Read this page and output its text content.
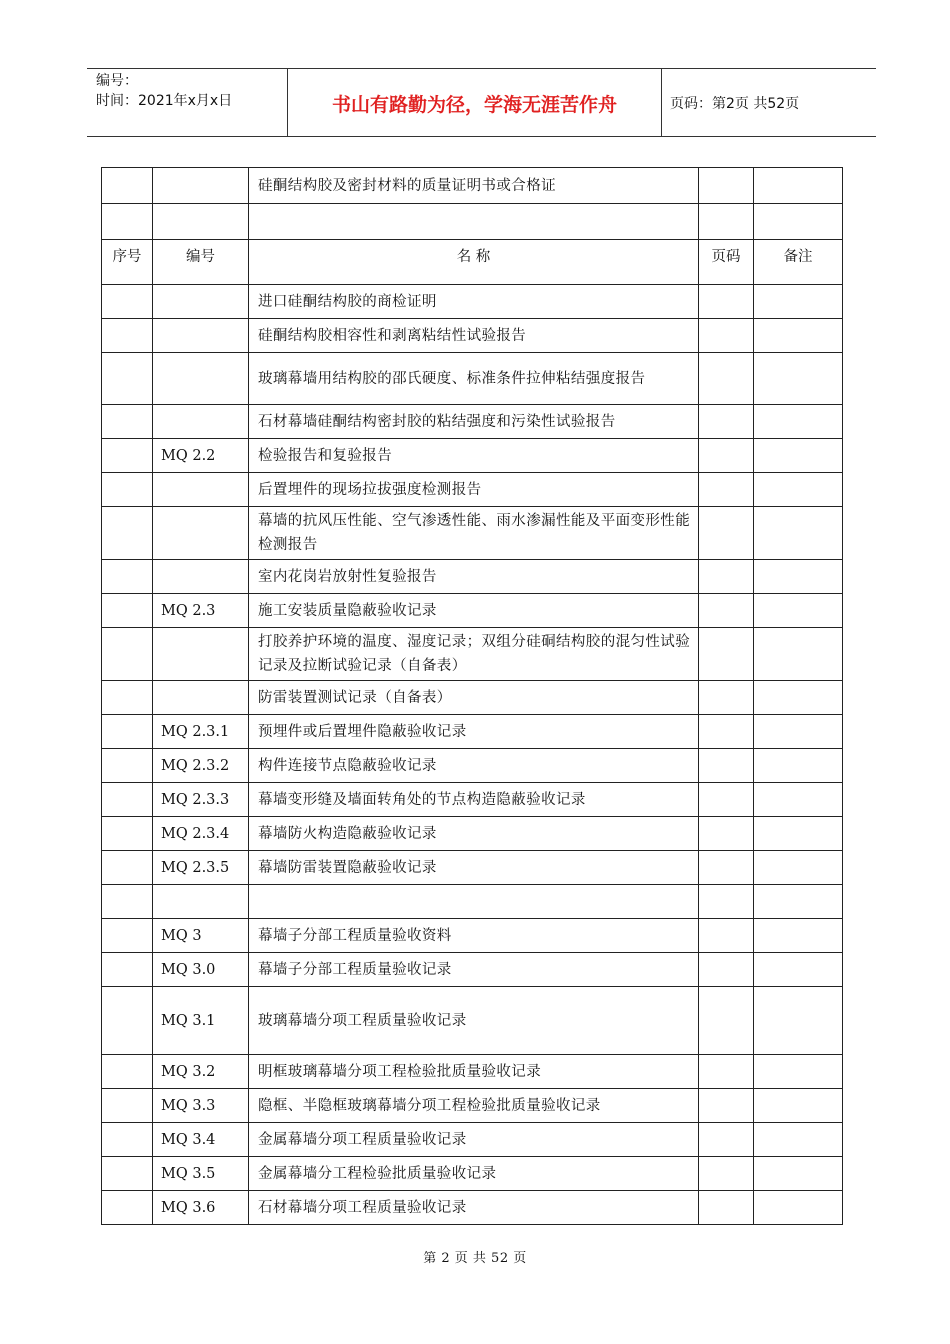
编号：
时间：2021年x月x日	书山有路勤为径，学海无涯苦作舟	页码：第2页 共52页
		硅酮结构胶及密封材料的质量证明书或合格证		

序号	编号	名 称	页码	备注
		进口硅酮结构胶的商检证明		
		硅酮结构胶相容性和剥离粘结性试验报告		
		玻璃幕墙用结构胶的邵氏硬度、标准条件拉伸粘结强度报告		
		石材幕墙硅酮结构密封胶的粘结强度和污染性试验报告		
	MQ 2.2	检验报告和复验报告		
		后置埋件的现场拉拔强度检测报告		
		幕墙的抗风压性能、空气渗透性能、雨水渗漏性能及平面变形性能检测报告		
		室内花岗岩放射性复验报告		
	MQ 2.3	施工安装质量隐蔽验收记录		
		打胶养护环境的温度、湿度记录；双组分硅硐结构胶的混匀性试验记录及拉断试验记录（自备表）		
		防雷装置测试记录（自备表）		
	MQ 2.3.1	预埋件或后置埋件隐蔽验收记录		
	MQ 2.3.2	构件连接节点隐蔽验收记录		
	MQ 2.3.3	幕墙变形缝及墙面转角处的节点构造隐蔽验收记录		
	MQ 2.3.4	幕墙防火构造隐蔽验收记录		
	MQ 2.3.5	幕墙防雷装置隐蔽验收记录		

	MQ 3	幕墙子分部工程质量验收资料		
	MQ 3.0	幕墙子分部工程质量验收记录		
	MQ 3.1	玻璃幕墙分项工程质量验收记录		
	MQ 3.2	明框玻璃幕墙分项工程检验批质量验收记录		
	MQ 3.3	隐框、半隐框玻璃幕墙分项工程检验批质量验收记录		
	MQ 3.4	金属幕墙分项工程质量验收记录		
	MQ 3.5	金属幕墙分工程检验批质量验收记录		
	MQ 3.6	石材幕墙分项工程质量验收记录		
第 2 页 共 52 页
